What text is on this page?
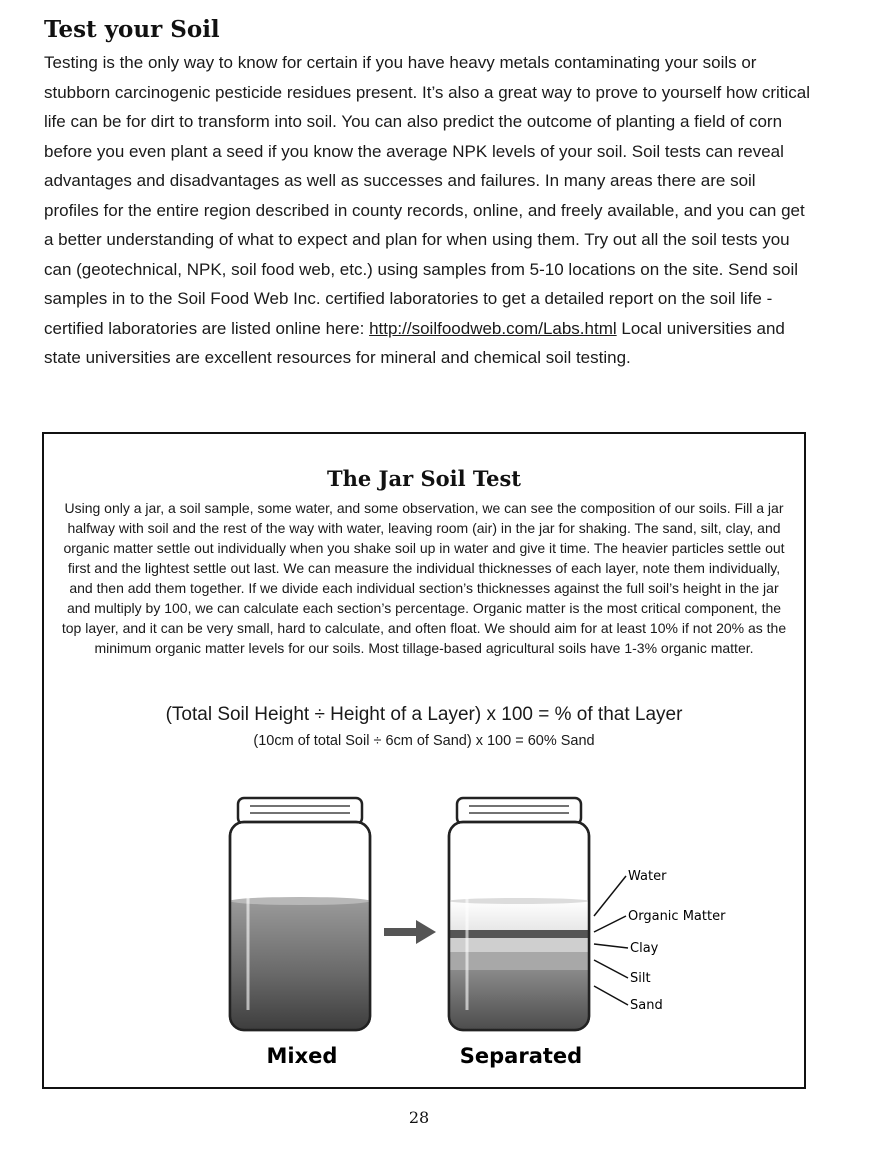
Test your Soil

Testing is the only way to know for certain if you have heavy metals contaminating your soils or stubborn carcinogenic pesticide residues present. It’s also a great way to prove to yourself how critical life can be for dirt to transform into soil. You can also predict the outcome of planting a field of corn before you even plant a seed if you know the average NPK levels of your soil. Soil tests can reveal advantages and disadvantages as well as successes and failures. In many areas there are soil profiles for the entire region described in county records, online, and freely available, and you can get a better understanding of what to expect and plan for when using them. Try out all the soil tests you can (geotechnical, NPK, soil food web, etc.) using samples from 5-10 locations on the site. Send soil samples in to the Soil Food Web Inc. certified laboratories to get a detailed report on the soil life - certified laboratories are listed online here: http://soilfoodweb.com/Labs.html Local universities and state universities are excellent resources for mineral and chemical soil testing.

The Jar Soil Test

Using only a jar, a soil sample, some water, and some observation, we can see the composition of our soils. Fill a jar halfway with soil and the rest of the way with water, leaving room (air) in the jar for shaking. The sand, silt, clay, and organic matter settle out individually when you shake soil up in water and give it time. The heavier particles settle out first and the lightest settle out last. We can measure the individual thicknesses of each layer, note them individually, and then add them together. If we divide each individual section’s thicknesses against the full soil’s height in the jar and multiply by 100, we can calculate each section’s percentage. Organic matter is the most critical component, the top layer, and it can be very small, hard to calculate, and often float. We should aim for at least 10% if not 20% as the minimum organic matter levels for our soils. Most tillage-based agricultural soils have 1-3% organic matter.

(Total Soil Height ÷ Height of a Layer) x 100 = % of that Layer
(10cm of total Soil ÷ 6cm of Sand) x 100 = 60% Sand
Water
Organic Matter
Clay
Silt
Sand
Mixed	Separated
28
